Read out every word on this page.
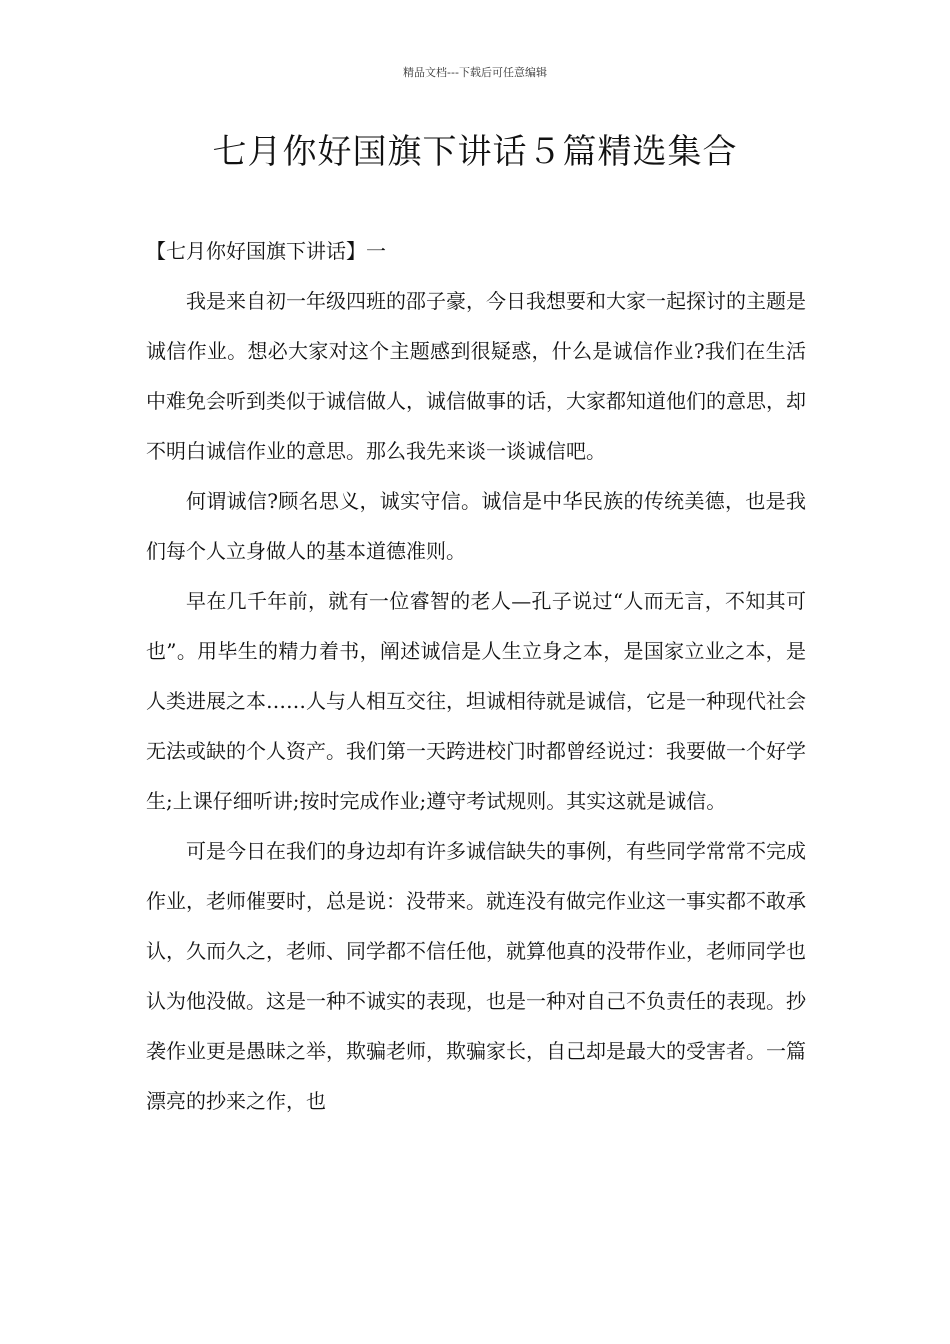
精品文档---下载后可任意编辑
七月你好国旗下讲话５篇精选集合

【七月你好国旗下讲话】一

我是来自初一年级四班的邵子豪，今日我想要和大家一起探讨的主题是诚信作业。想必大家对这个主题感到很疑惑，什么是诚信作业?我们在生活中难免会听到类似于诚信做人，诚信做事的话，大家都知道他们的意思，却不明白诚信作业的意思。那么我先来谈一谈诚信吧。

何谓诚信?顾名思义，诚实守信。诚信是中华民族的传统美德，也是我们每个人立身做人的基本道德准则。

早在几千年前，就有一位睿智的老人—孔子说过“人而无言，不知其可也”。用毕生的精力着书，阐述诚信是人生立身之本，是国家立业之本，是人类进展之本……人与人相互交往，坦诚相待就是诚信，它是一种现代社会无法或缺的个人资产。我们第一天跨进校门时都曾经说过：我要做一个好学生;上课仔细听讲;按时完成作业;遵守考试规则。其实这就是诚信。

可是今日在我们的身边却有许多诚信缺失的事例，有些同学常常不完成作业，老师催要时，总是说：没带来。就连没有做完作业这一事实都不敢承认，久而久之，老师、同学都不信任他，就算他真的没带作业，老师同学也认为他没做。这是一种不诚实的表现，也是一种对自己不负责任的表现。抄袭作业更是愚昧之举，欺骗老师，欺骗家长，自己却是最大的受害者。一篇漂亮的抄来之作，也
